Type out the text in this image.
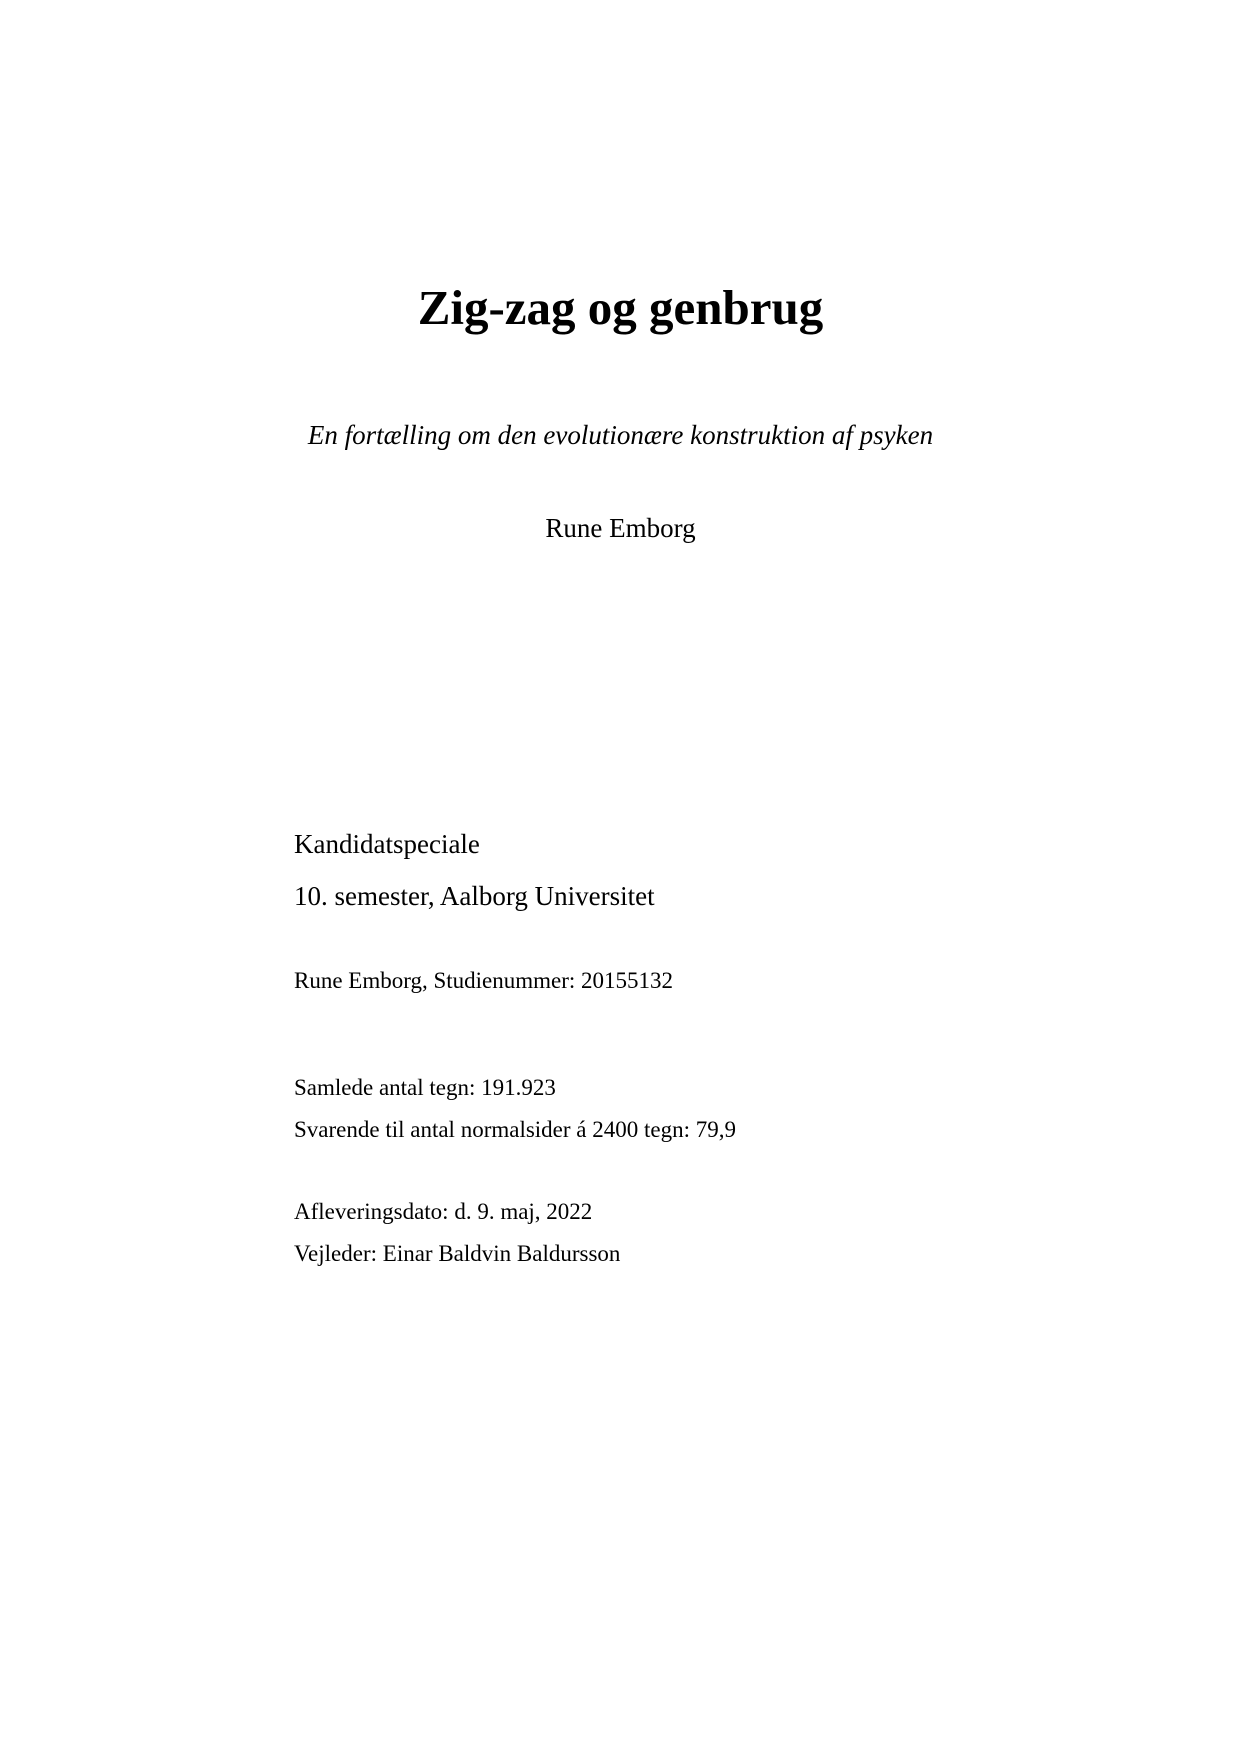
Zig-zag og genbrug
En fortælling om den evolutionære konstruktion af psyken
Rune Emborg
Kandidatspeciale
10. semester, Aalborg Universitet
Rune Emborg, Studienummer: 20155132
Samlede antal tegn: 191.923
Svarende til antal normalsider á 2400 tegn: 79,9
Afleveringsdato: d. 9. maj, 2022
Vejleder: Einar Baldvin Baldursson
